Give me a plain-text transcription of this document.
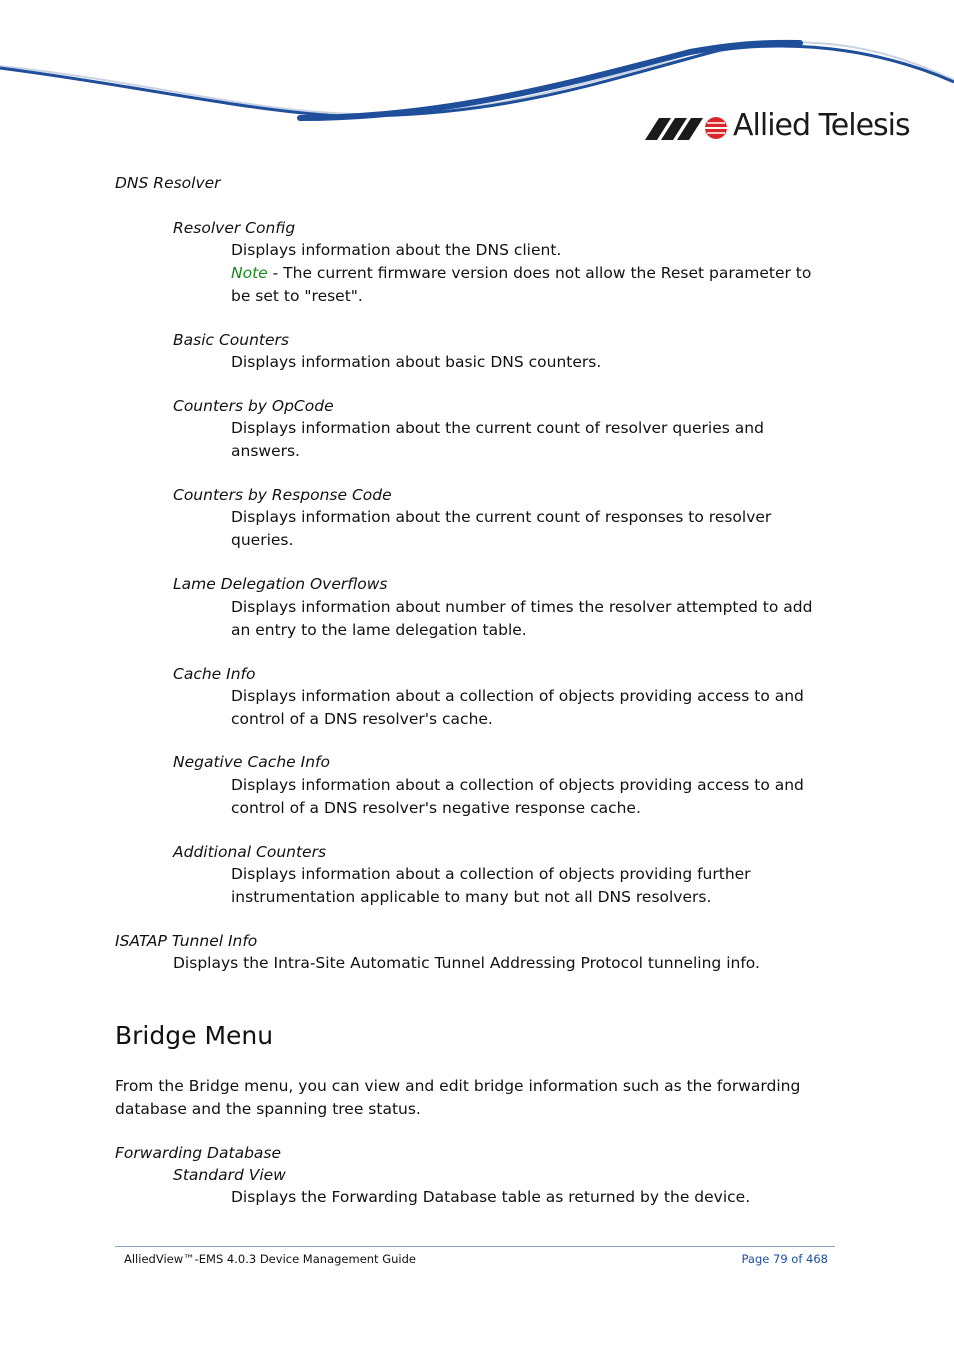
Allied Telesis
DNS Resolver
Resolver Config
Displays information about the DNS client.
Note - The current firmware version does not allow the Reset parameter to be set to "reset".
Basic Counters
Displays information about basic DNS counters.
Counters by OpCode
Displays information about the current count of resolver queries and answers.
Counters by Response Code
Displays information about the current count of responses to resolver queries.
Lame Delegation Overflows
Displays information about number of times the resolver attempted to add an entry to the lame delegation table.
Cache Info
Displays information about a collection of objects providing access to and control of a DNS resolver's cache.
Negative Cache Info
Displays information about a collection of objects providing access to and control of a DNS resolver's negative response cache.
Additional Counters
Displays information about a collection of objects providing further instrumentation applicable to many but not all DNS resolvers.
ISATAP Tunnel Info
Displays the Intra-Site Automatic Tunnel Addressing Protocol tunneling info.
Bridge Menu
From the Bridge menu, you can view and edit bridge information such as the forwarding database and the spanning tree status.
Forwarding Database
Standard View
Displays the Forwarding Database table as returned by the device.
AlliedView™-EMS 4.0.3 Device Management Guide	Page 79 of 468
